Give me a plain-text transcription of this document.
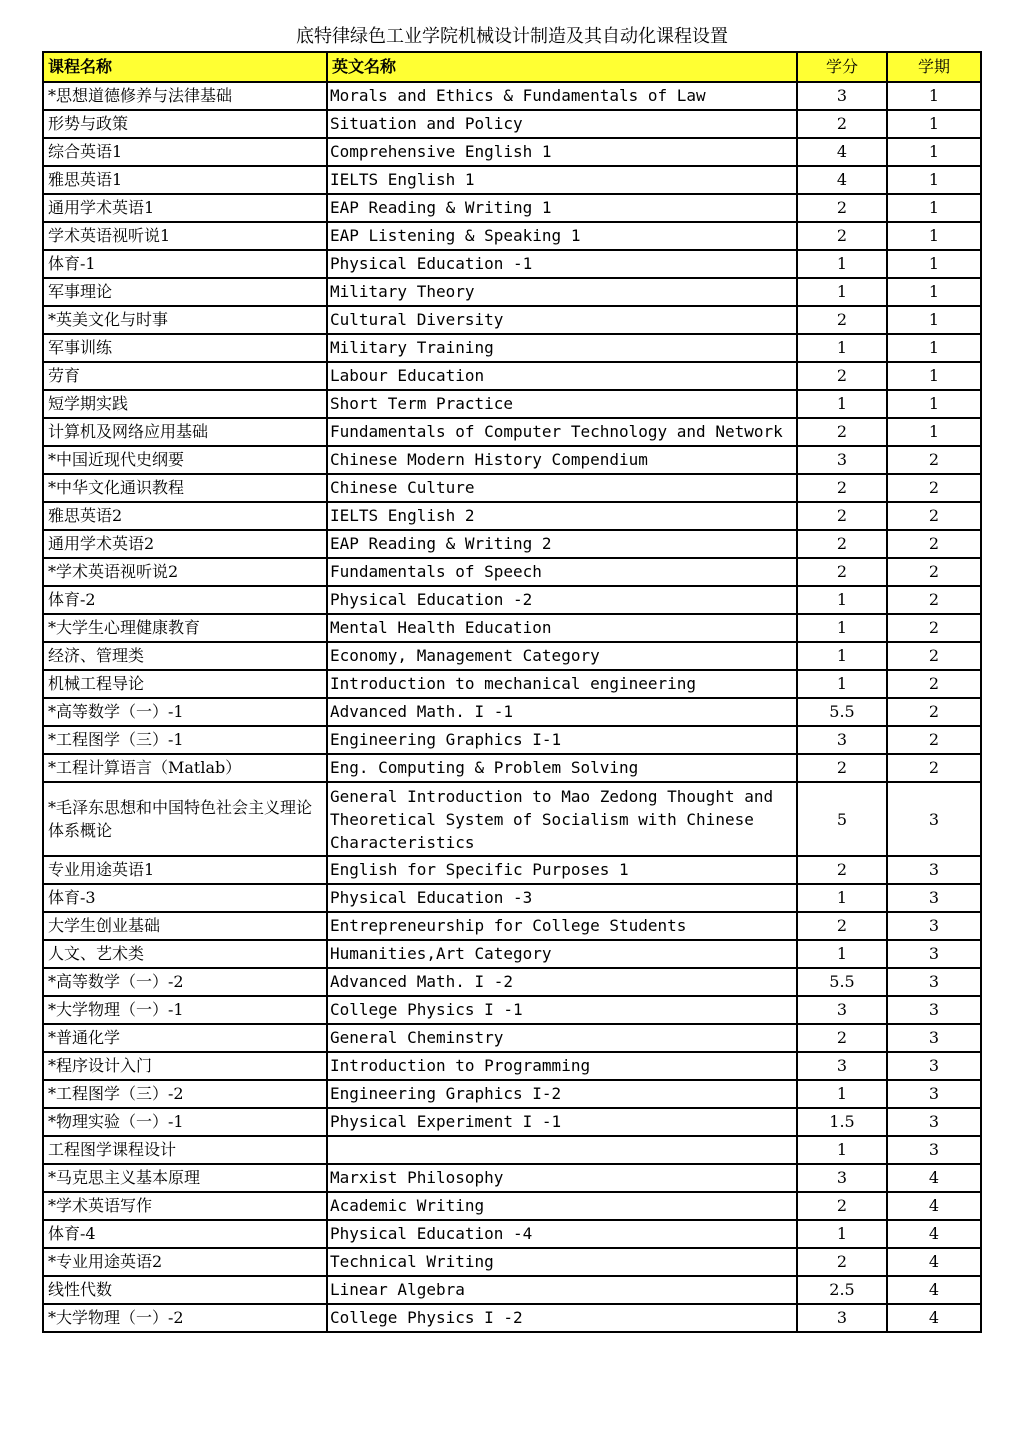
底特律绿色工业学院机械设计制造及其自动化课程设置
课程名称	英文名称	学分	学期
*思想道德修养与法律基础	Morals and Ethics & Fundamentals of Law	3	1
形势与政策	Situation and Policy	2	1
综合英语1	Comprehensive English 1	4	1
雅思英语1	IELTS English 1	4	1
通用学术英语1	EAP Reading & Writing 1	2	1
学术英语视听说1	EAP Listening & Speaking 1	2	1
体育-1	Physical Education -1	1	1
军事理论	Military Theory	1	1
*英美文化与时事	Cultural Diversity	2	1
军事训练	Military Training	1	1
劳育	Labour Education	2	1
短学期实践	Short Term Practice	1	1
计算机及网络应用基础	Fundamentals of Computer Technology and Network	2	1
*中国近现代史纲要	Chinese Modern History Compendium	3	2
*中华文化通识教程	Chinese Culture	2	2
雅思英语2	IELTS English 2	2	2
通用学术英语2	EAP Reading & Writing 2	2	2
*学术英语视听说2	Fundamentals of Speech	2	2
体育-2	Physical Education -2	1	2
*大学生心理健康教育	Mental Health Education	1	2
经济、管理类	Economy, Management Category	1	2
机械工程导论	Introduction to mechanical engineering	1	2
*高等数学（一）-1	Advanced Math. I -1	5.5	2
*工程图学（三）-1	Engineering Graphics I-1	3	2
*工程计算语言（Matlab）	Eng. Computing & Problem Solving	2	2
*毛泽东思想和中国特色社会主义理论体系概论	General Introduction to Mao Zedong Thought and Theoretical System of Socialism with Chinese Characteristics	5	3
专业用途英语1	English for Specific Purposes 1	2	3
体育-3	Physical Education -3	1	3
大学生创业基础	Entrepreneurship for College Students	2	3
人文、艺术类	Humanities,Art Category	1	3
*高等数学（一）-2	Advanced Math. I -2	5.5	3
*大学物理（一）-1	College Physics I -1	3	3
*普通化学	General Cheminstry	2	3
*程序设计入门	Introduction to Programming	3	3
*工程图学（三）-2	Engineering Graphics I-2	1	3
*物理实验（一）-1	Physical Experiment I -1	1.5	3
工程图学课程设计		1	3
*马克思主义基本原理	Marxist Philosophy	3	4
*学术英语写作	Academic Writing	2	4
体育-4	Physical Education -4	1	4
*专业用途英语2	Technical Writing	2	4
线性代数	Linear Algebra	2.5	4
*大学物理（一）-2	College Physics I -2	3	4
